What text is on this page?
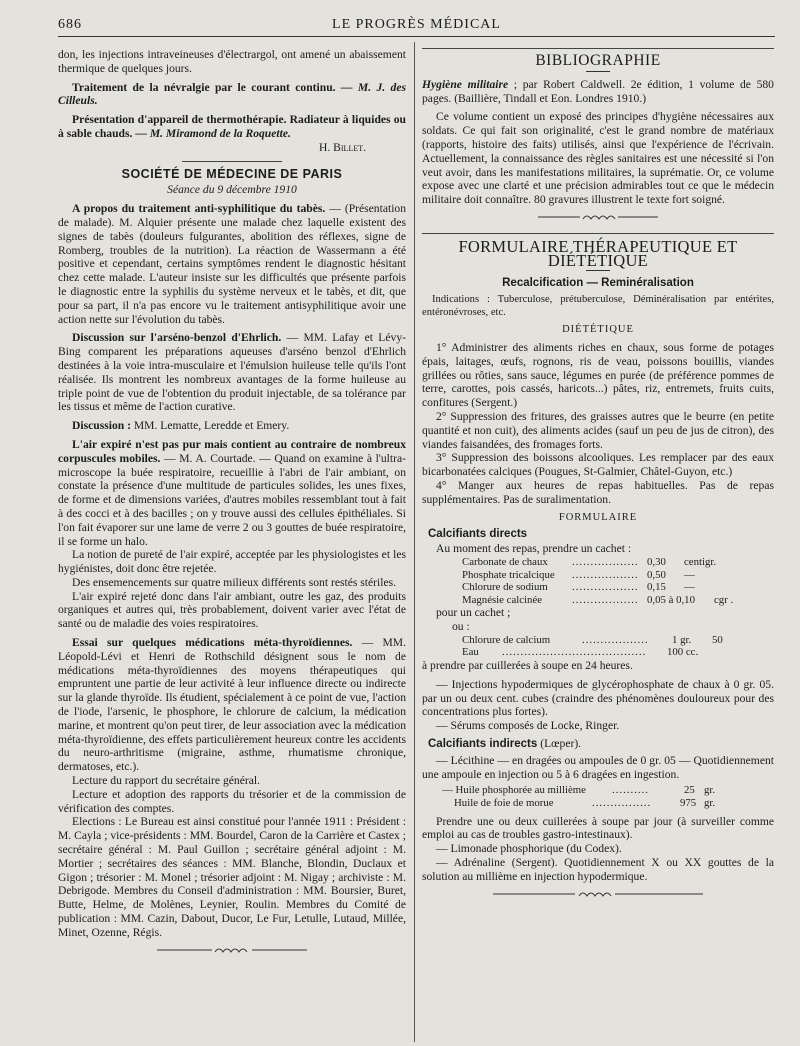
686	LE PROGRÈS MÉDICAL

don, les injections intraveineuses d'électrargol, ont amené un abaissement thermique de quelques jours.

Traitement de la névralgie par le courant continu. — M. J. des Cilleuls.

Présentation d'appareil de thermothérapie. Radiateur à liquides ou à sable chauds. — M. Miramond de la Roquette.

H. Billet.
SOCIÉTÉ DE MÉDECINE DE PARIS
Séance du 9 décembre 1910

A propos du traitement anti-syphilitique du tabès. — (Présentation de malade). M. Alquier présente une malade chez laquelle existent des signes de tabès (douleurs fulgurantes, abolition des réflexes, signe de Romberg, troubles de la nutrition). La réaction de Wassermann a été positive et cependant, certains symptômes rendent le diagnostic hésitant chez cette malade. L'auteur insiste sur les difficultés que présente parfois le diagnostic entre la syphilis du système nerveux et le tabès, et dit, que pour sa part, il n'a pas encore vu le traitement antisyphilitique avoir une action nette sur l'évolution du tabès.

Discussion sur l'arséno-benzol d'Ehrlich. — MM. Lafay et Lévy-Bing comparent les préparations aqueuses d'arséno benzol d'Ehrlich destinées à la voie intra-musculaire et l'émulsion huileuse telle qu'ils l'ont réalisée. Ils montrent les nombreux avantages de la forme huileuse au triple point de vue de l'obtention du produit injectable, de sa tolérance par les tissus et même de l'action curative.

Discussion : MM. Lematte, Leredde et Emery.

L'air expiré n'est pas pur mais contient au contraire de nombreux corpuscules mobiles. — M. A. Courtade. — Quand on examine à l'ultra-microscope la buée respiratoire, recueillie à l'abri de l'air ambiant, on constate la présence d'une multitude de particules solides, les unes fixes, de forme et de dimensions variées, d'autres mobiles ressemblant tout à fait à des cocci et à des bacilles ; on y trouve aussi des cellules épithéliales. Si l'on fait évaporer sur une lame de verre 2 ou 3 gouttes de buée respiratoire, il se forme un halo.

La notion de pureté de l'air expiré, acceptée par les physiologistes et les hygiénistes, doit donc être rejetée.

Des ensemencements sur quatre milieux différents sont restés stériles.

L'air expiré rejeté donc dans l'air ambiant, outre les gaz, des produits organiques et autres qui, très probablement, doivent varier avec l'état de santé ou de maladie des voies respiratoires.

Essai sur quelques médications méta-thyroïdiennes. — MM. Léopold-Lévi et Henri de Rothschild désignent sous le nom de médications méta-thyroïdiennes des moyens thérapeutiques qui empruntent une partie de leur activité à leur influence directe ou indirecte sur la glande thyroïde. Ils étudient, spécialement à ce point de vue, l'action de l'iode, l'arsenic, le phosphore, le chlorure de calcium, la médication marine, et montrent qu'on peut tirer, de leur association avec la médication méta-thyroïdienne, des effets particulièrement heureux contre les accidents du neuro-arthritisme (migraine, asthme, rhumatisme chronique, dermatoses, etc.).

Lecture du rapport du secrétaire général.

Lecture et adoption des rapports du trésorier et de la commission de vérification des comptes.

Elections : Le Bureau est ainsi constitué pour l'année 1911 : Président : M. Cayla ; vice-présidents : MM. Bourdel, Caron de la Carrière et Castex ; secrétaire général : M. Paul Guillon ; secrétaire général adjoint : M. Mortier ; secrétaires des séances : MM. Blanche, Blondin, Duclaux et Gigon ; trésorier : M. Monel ; trésorier adjoint : M. Nigay ; archiviste : M. Debrigode. Membres du Conseil d'administration : MM. Boursier, Buret, Butte, Helme, de Molènes, Leynier, Roulin. Membres du Comité de publication : MM. Cazin, Dabout, Ducor, Le Fur, Letulle, Lutaud, Millée, Minet, Ozenne, Régis.

BIBLIOGRAPHIE

Hygiène militaire ; par Robert Caldwell. 2e édition, 1 volume de 580 pages. (Baillière, Tindall et Eon. Londres 1910.)

Ce volume contient un exposé des principes d'hygiène nécessaires aux soldats. Ce qui fait son originalité, c'est le grand nombre de matériaux (rapports, histoire des faits) utilisés, ainsi que l'expérience de l'écrivain. Actuellement, la connaissance des règles sanitaires est une nécessité si l'on veut avoir, dans les manifestations militaires, la suprématie. Or, ce volume expose avec une clarté et une précision admirables tout ce que le médecin militaire doit connaître. 80 gravures illustrent le texte fort soigné.

FORMULAIRE THÉRAPEUTIQUE ET DIÉTÉTIQUE
Recalcification — Reminéralisation

Indications : Tuberculose, prétuberculose, Déminéralisation par entérites, entéronévroses, etc.

DIÉTÉTIQUE

1° Administrer des aliments riches en chaux, sous forme de potages épais, laitages, œufs, rognons, ris de veau, poissons bouillis, viandes grillées ou rôties, sans sauce, légumes en purée (de préférence pommes de terre, carottes, pois cassés, haricots...) pâtes, riz, entremets, fruits cuits, confitures (Sergent.)

2° Suppression des fritures, des graisses autres que le beurre (en petite quantité et non cuit), des aliments acides (sauf un peu de jus de citron), des viandes faisandées, des fromages forts.

3° Suppression des boissons alcooliques. Les remplacer par des eaux bicarbonatées calciques (Pougues, St-Galmier, Châtel-Guyon, etc.)

4° Manger aux heures de repas habituelles. Pas de repas supplémentaires. Pas de suralimentation.

FORMULAIRE
Calcifiants directs

Au moment des repas, prendre un cachet :

Carbonate de chaux .................. 0,30 centigr.
Phosphate tricalcique .................. 0,50 —
Chlorure de sodium .................. 0,15 —
Magnésie calcinée	.................. 0,05 à 0,10 cgr .

pour un cachet ;

ou :

Chlorure de calcium	..................	1 gr. 50
Eau .......................................	100 cc.

à prendre par cuillerées à soupe en 24 heures.

— Injections hypodermiques de glycérophosphate de chaux à 0 gr. 05. par un ou deux cent. cubes (craindre des phénomènes douloureux pour des concentrations plus fortes).

— Sérums composés de Locke, Ringer.

Calcifiants indirects (Lœper).

— Lécithine — en dragées ou ampoules de 0 gr. 05 — Quotidiennement une ampoule en injection ou 5 à 6 dragées en ingestion.

— Huile phosphorée au millième ..........	25 gr.
Huile de foie de morue	................	975 gr.

Prendre une ou deux cuillerées à soupe par jour (à surveiller comme emploi au cas de troubles gastro-intestinaux).

— Limonade phosphorique (du Codex).

— Adrénaline (Sergent). Quotidiennement X ou XX gouttes de la solution au millième en injection hypodermique.
